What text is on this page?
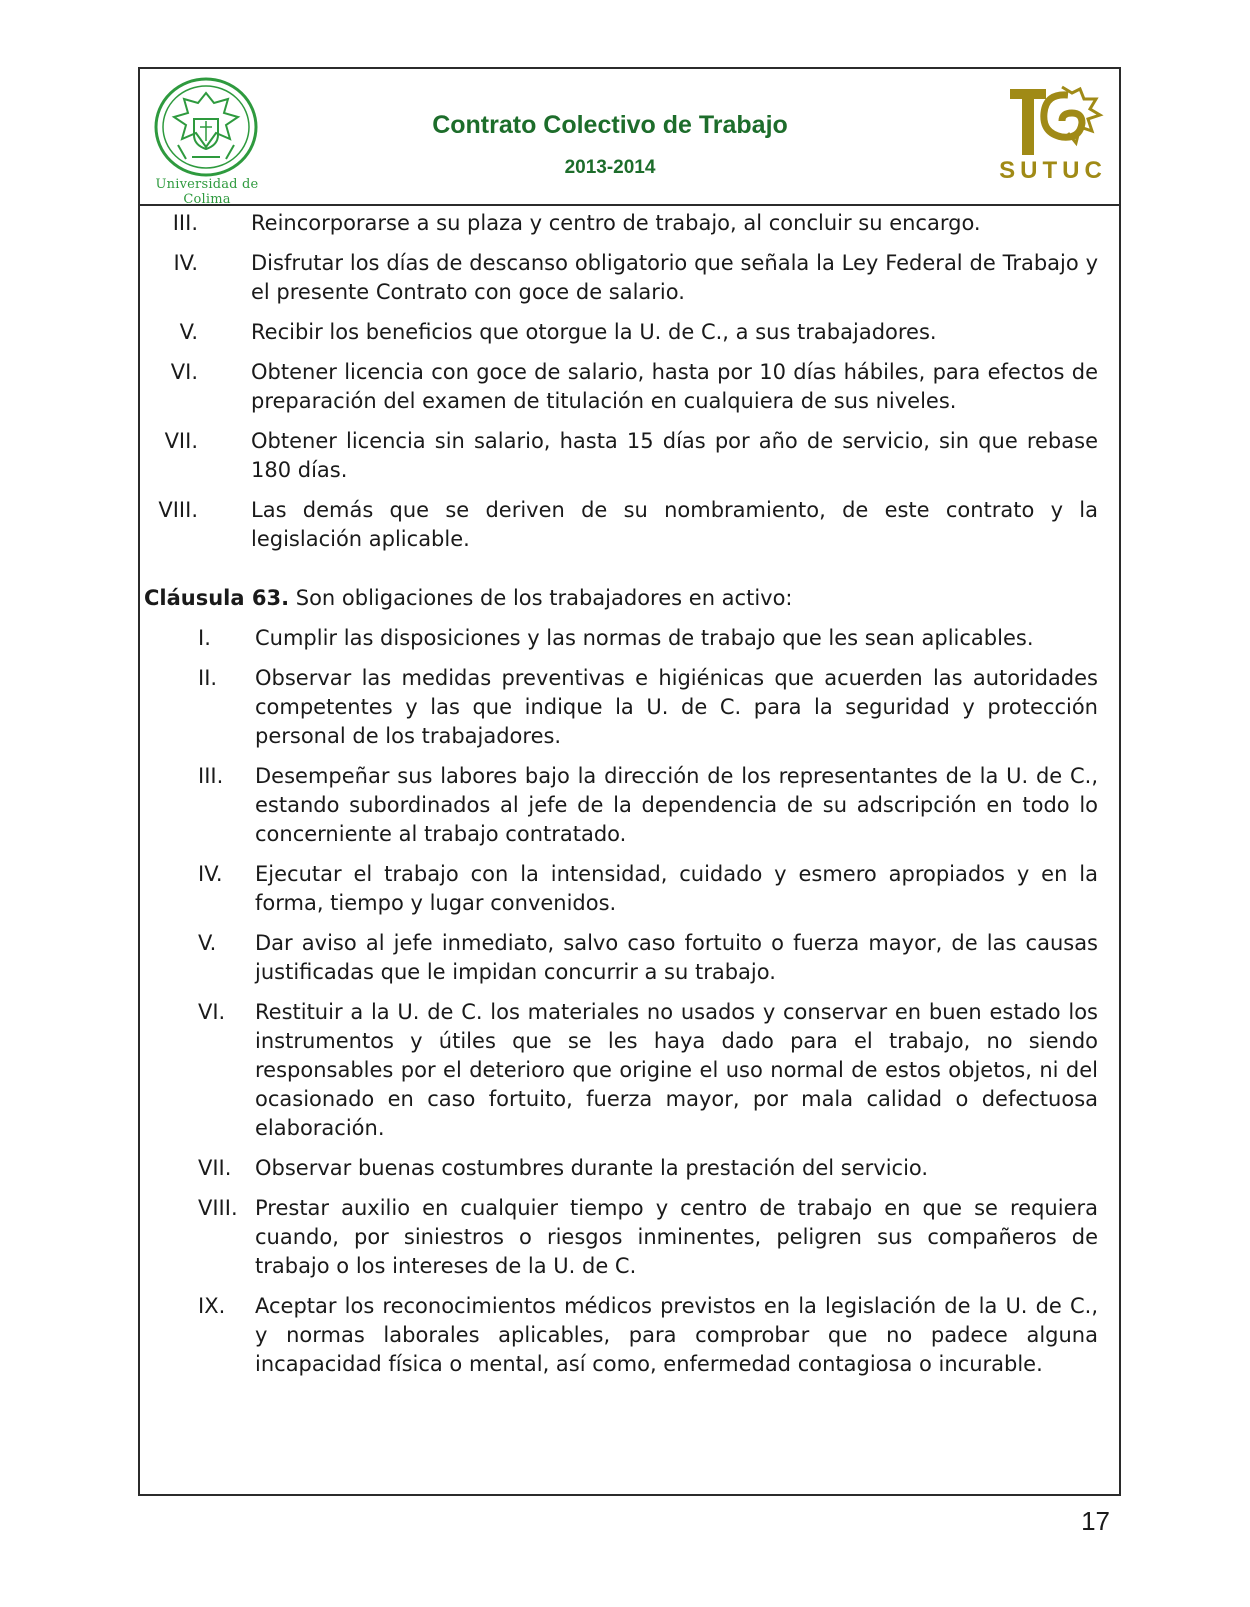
Universidad de Colima
Contrato Colectivo de Trabajo
2013-2014	SUTUC
III.	Reincorporarse a su plaza y centro de trabajo, al concluir su encargo.
IV.	Disfrutar los días de descanso obligatorio que señala la Ley Federal de Trabajo y el presente Contrato con goce de salario.
V.	Recibir los beneficios que otorgue la U. de C., a sus trabajadores.
VI.	Obtener licencia con goce de salario, hasta por 10 días hábiles, para efectos de preparación del examen de titulación en cualquiera de sus niveles.
VII.	Obtener licencia sin salario, hasta 15 días por año de servicio, sin que rebase 180 días.
VIII.	Las demás que se deriven de su nombramiento, de este contrato y la legislación aplicable.
Cláusula 63. Son obligaciones de los trabajadores en activo:
I.	Cumplir las disposiciones y las normas de trabajo que les sean aplicables.
II.	Observar las medidas preventivas e higiénicas que acuerden las autoridades competentes y las que indique la U. de C. para la seguridad y protección personal de los trabajadores.
III.	Desempeñar sus labores bajo la dirección de los representantes de la U. de C., estando subordinados al jefe de la dependencia de su adscripción en todo lo concerniente al trabajo contratado.
IV.	Ejecutar el trabajo con la intensidad, cuidado y esmero apropiados y en la forma, tiempo y lugar convenidos.
V.	Dar aviso al jefe inmediato, salvo caso fortuito o fuerza mayor, de las causas justificadas que le impidan concurrir a su trabajo.
VI.	Restituir a la U. de C. los materiales no usados y conservar en buen estado los instrumentos y útiles que se les haya dado para el trabajo, no siendo responsables por el deterioro que origine el uso normal de estos objetos, ni del ocasionado en caso fortuito, fuerza mayor, por mala calidad o defectuosa elaboración.
VII. Observar buenas costumbres durante la prestación del servicio.
VIII. Prestar auxilio en cualquier tiempo y centro de trabajo en que se requiera cuando, por siniestros o riesgos inminentes, peligren sus compañeros de trabajo o los intereses de la U. de C.
IX.	Aceptar los reconocimientos médicos previstos en la legislación de la U. de C., y normas laborales aplicables, para comprobar que no padece alguna incapacidad física o mental, así como, enfermedad contagiosa o incurable.
17
